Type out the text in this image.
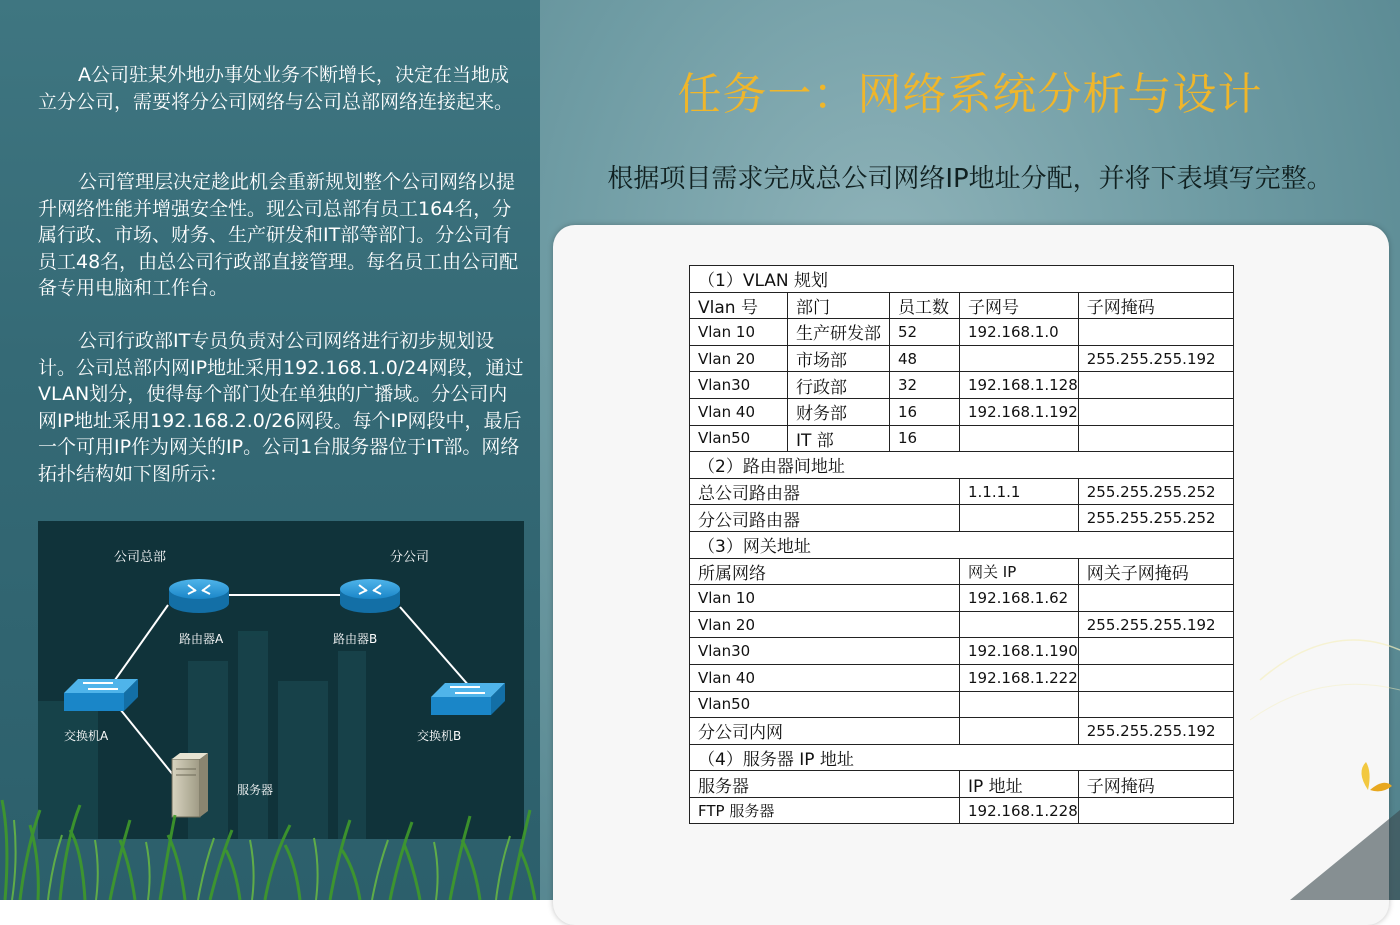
A公司驻某外地办事处业务不断增长，决定在当地成立分公司，需要将分公司网络与公司总部网络连接起来。
公司管理层决定趁此机会重新规划整个公司网络以提升网络性能并增强安全性。现公司总部有员工164名，分属行政、市场、财务、生产研发和IT部等部门。分公司有员工48名，由总公司行政部直接管理。每名员工由公司配备专用电脑和工作台。
公司行政部IT专员负责对公司网络进行初步规划设计。公司总部内网IP地址采用192.168.1.0/24网段，通过VLAN划分，使得每个部门处在单独的广播域。分公司内网IP地址采用192.168.2.0/26网段。每个IP网段中，最后一个可用IP作为网关的IP。公司1台服务器位于IT部。网络拓扑结构如下图所示：
公司总部	分公司
路由器A	路由器B
交换机A	交换机B
服务器
任务一：网络系统分析与设计
根据项目需求完成总公司网络IP地址分配，并将下表填写完整。
（1）VLAN 规划				
Vlan 号	部门	员工数	子网号	子网掩码
Vlan 10	生产研发部	52	192.168.1.0	
Vlan 20	市场部	48		255.255.255.192
Vlan30	行政部	32	192.168.1.128	
Vlan 40	财务部	16	192.168.1.192	
Vlan50	IT 部	16		
（2）路由器间地址				
总公司路由器			1.1.1.1	255.255.255.252
分公司路由器				255.255.255.252
（3）网关地址				
所属网络			网关 IP	网关子网掩码
Vlan 10			192.168.1.62	
Vlan 20				255.255.255.192
Vlan30			192.168.1.190	
Vlan 40			192.168.1.222	
Vlan50				
分公司内网				255.255.255.192
（4）服务器 IP 地址				
服务器			IP 地址	子网掩码
FTP 服务器			192.168.1.228	
